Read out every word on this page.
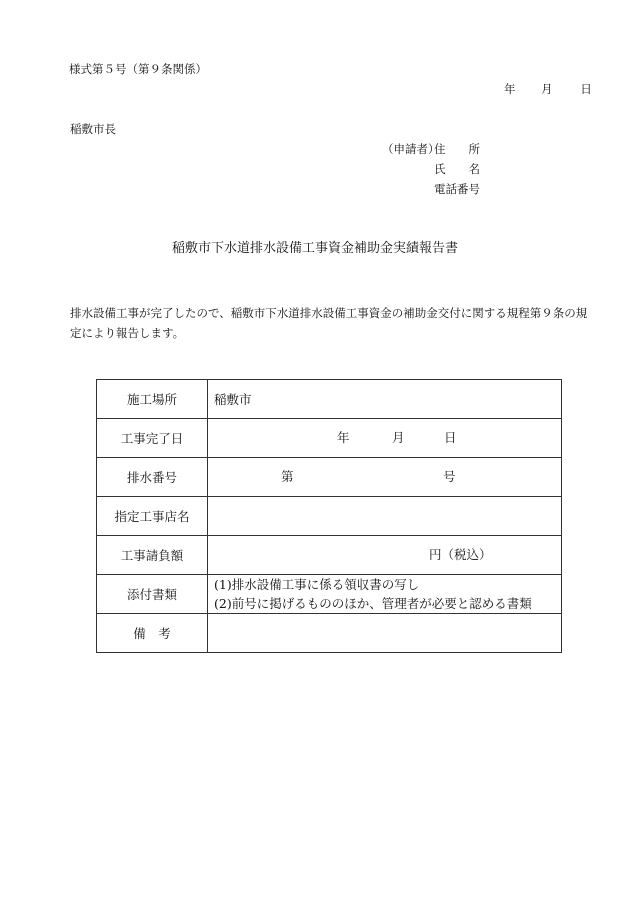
様式第５号（第９条関係）
年 月 日
稲敷市長
（申請者）
住　　所
氏　　名
電話番号
稲敷市下水道排水設備工事資金補助金実績報告書
排水設備工事が完了したので、稲敷市下水道排水設備工事資金の補助金交付に関する規程第９条の規定により報告します。
施工場所	稲敷市
工事完了日	年 月 日

排水番号	第 号

指定工事店名	
工事請負額	円（税込）

添付書類	(1)排水設備工事に係る領収書の写し
(2)前号に掲げるもののほか、管理者が必要と認める書類

備　考	
